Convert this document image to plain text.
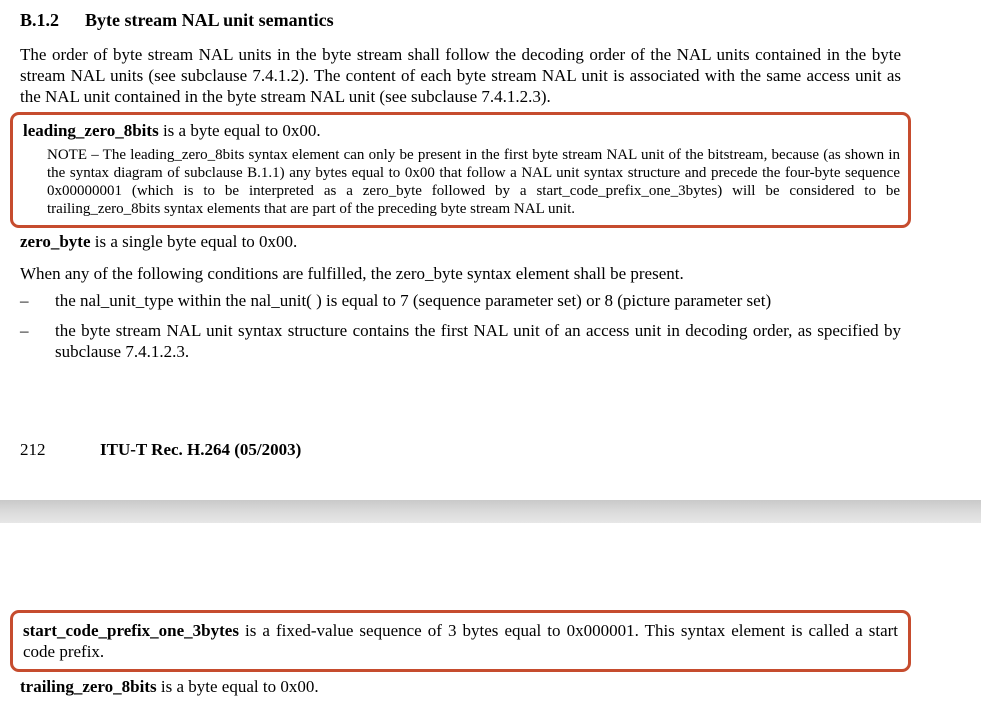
B.1.2 Byte stream NAL unit semantics
The order of byte stream NAL units in the byte stream shall follow the decoding order of the NAL units contained in the byte stream NAL units (see subclause 7.4.1.2). The content of each byte stream NAL unit is associated with the same access unit as the NAL unit contained in the byte stream NAL unit (see subclause 7.4.1.2.3).
leading_zero_8bits is a byte equal to 0x00.
NOTE – The leading_zero_8bits syntax element can only be present in the first byte stream NAL unit of the bitstream, because (as shown in the syntax diagram of subclause B.1.1) any bytes equal to 0x00 that follow a NAL unit syntax structure and precede the four-byte sequence 0x00000001 (which is to be interpreted as a zero_byte followed by a start_code_prefix_one_3bytes) will be considered to be trailing_zero_8bits syntax elements that are part of the preceding byte stream NAL unit.
zero_byte is a single byte equal to 0x00.
When any of the following conditions are fulfilled, the zero_byte syntax element shall be present.
–	the nal_unit_type within the nal_unit( ) is equal to 7 (sequence parameter set) or 8 (picture parameter set)
–	the byte stream NAL unit syntax structure contains the first NAL unit of an access unit in decoding order, as specified by subclause 7.4.1.2.3.
212	ITU-T Rec. H.264 (05/2003)
start_code_prefix_one_3bytes is a fixed-value sequence of 3 bytes equal to 0x000001. This syntax element is called a start code prefix.
trailing_zero_8bits is a byte equal to 0x00.
